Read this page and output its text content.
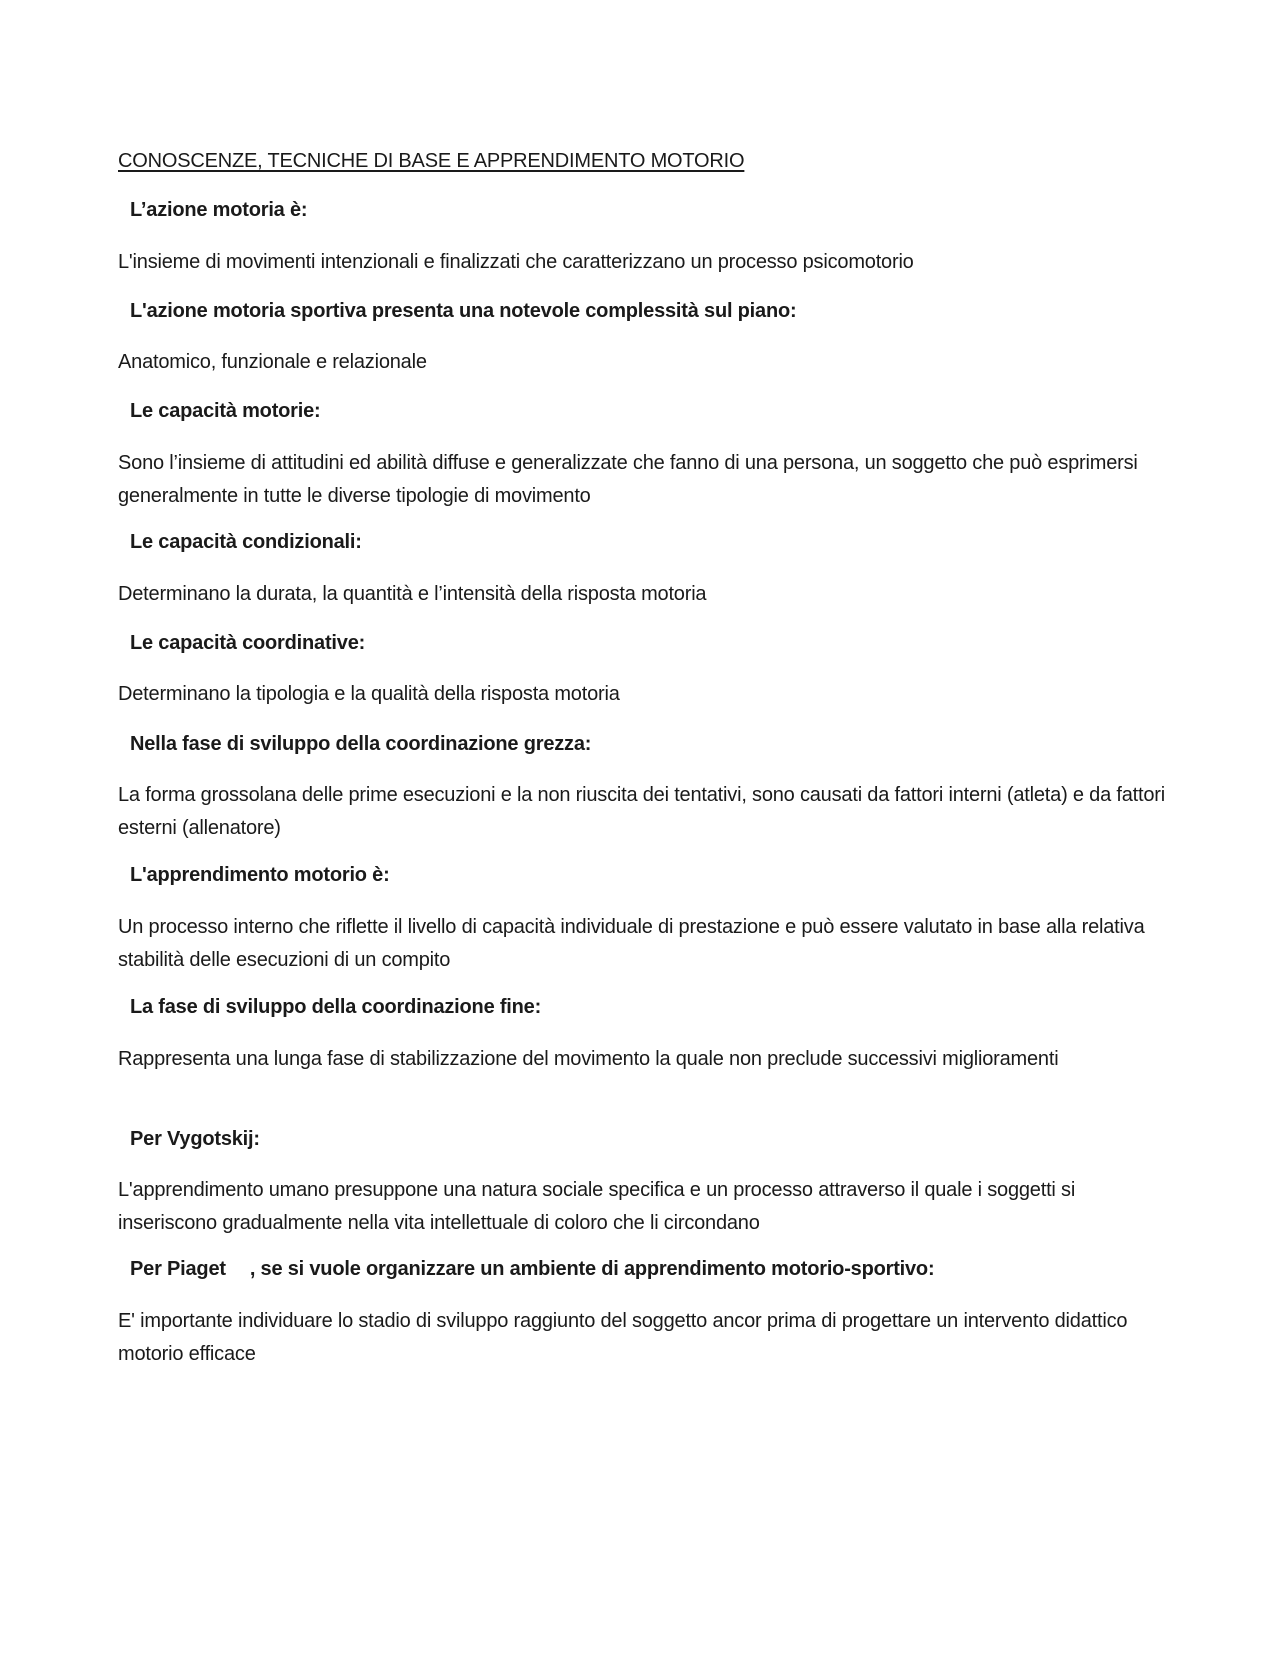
CONOSCENZE, TECNICHE DI BASE E APPRENDIMENTO MOTORIO
L’azione motoria è:
L'insieme di movimenti intenzionali e finalizzati che caratterizzano un processo psicomotorio
L'azione motoria sportiva presenta una notevole complessità sul piano:
Anatomico, funzionale e relazionale
Le capacità motorie:
Sono l’insieme di attitudini ed abilità diffuse e generalizzate che fanno di una persona, un soggetto che può esprimersi generalmente in tutte le diverse tipologie di movimento
Le capacità condizionali:
Determinano la durata, la quantità e l’intensità della risposta motoria
Le capacità coordinative:
Determinano la tipologia e la qualità della risposta motoria
Nella fase di sviluppo della coordinazione grezza:
La forma grossolana delle prime esecuzioni e la non riuscita dei tentativi, sono causati da fattori interni (atleta) e da fattori esterni (allenatore)
L'apprendimento motorio è:
Un processo interno che riflette il livello di capacità individuale di prestazione e può essere valutato in base alla relativa stabilità delle esecuzioni di un compito
La fase di sviluppo della coordinazione fine:
Rappresenta una lunga fase di stabilizzazione del movimento la quale non preclude successivi miglioramenti
Per Vygotskij:
L'apprendimento umano presuppone una natura sociale specifica e un processo attraverso il quale i soggetti si inseriscono gradualmente nella vita intellettuale di coloro che li circondano
Per Piaget , se si vuole organizzare un ambiente di apprendimento motorio-sportivo:
E' importante individuare lo stadio di sviluppo raggiunto del soggetto ancor prima di progettare un intervento didattico motorio efficace
